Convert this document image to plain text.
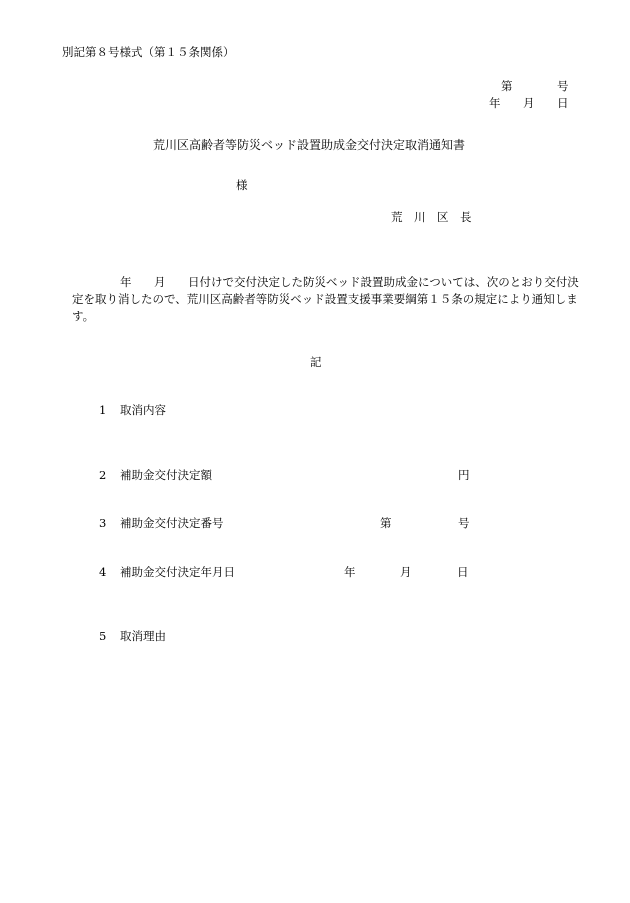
別記第８号様式（第１５条関係）
第	号
年 月 日
荒川区高齢者等防災ベッド設置助成金交付決定取消通知書
様
荒　川　区　長
年 月 日付けで交付決定した防災ベッド設置助成金については、次のとおり交付決
定を取り消したので、荒川区高齢者等防災ベッド設置支援事業要綱第１５条の規定により通知しま
す。
記
1 取消内容
2 補助金交付決定額	円
3 補助金交付決定番号	第	号
4 補助金交付決定年月日	年	月	日
5 取消理由
